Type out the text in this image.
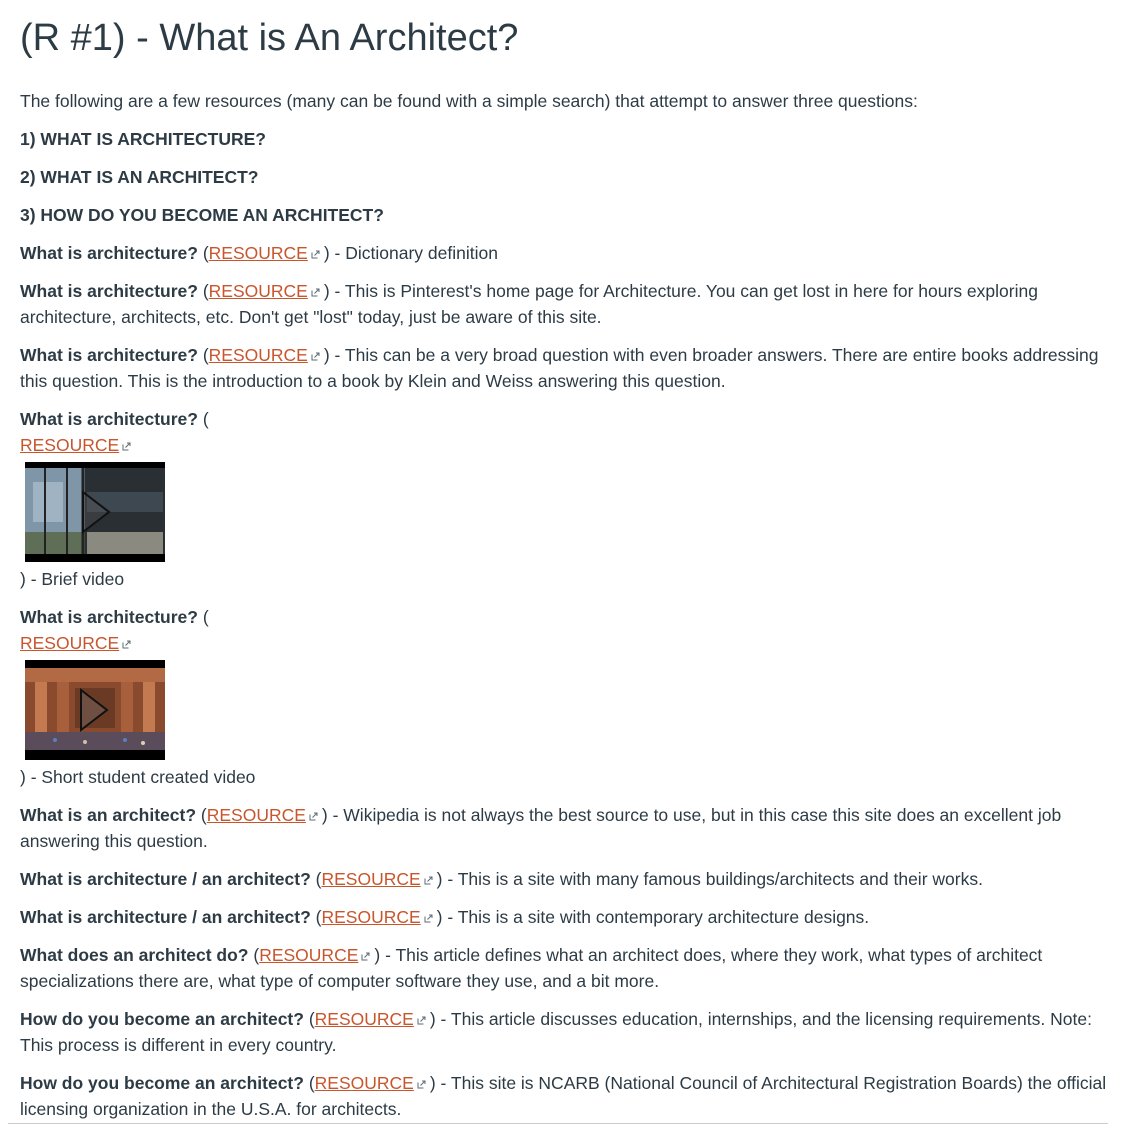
(R #1) - What is An Architect?

The following are a few resources (many can be found with a simple search) that attempt to answer three questions:

1) WHAT IS ARCHITECTURE?

2) WHAT IS AN ARCHITECT?

3) HOW DO YOU BECOME AN ARCHITECT?

What is architecture? (RESOURCE ) - Dictionary definition

What is architecture? (RESOURCE ) - This is Pinterest's home page for Architecture. You can get lost in here for hours exploring architecture, architects, etc. Don't get "lost" today, just be aware of this site.

What is architecture? (RESOURCE ) - This can be a very broad question with even broader answers. There are entire books addressing this question. This is the introduction to a book by Klein and Weiss answering this question.

What is architecture? (

RESOURCE

) - Brief video

What is architecture? (

RESOURCE

) - Short student created video

What is an architect? (RESOURCE ) - Wikipedia is not always the best source to use, but in this case this site does an excellent job answering this question.

What is architecture / an architect? (RESOURCE ) - This is a site with many famous buildings/architects and their works.

What is architecture / an architect? (RESOURCE ) - This is a site with contemporary architecture designs.

What does an architect do? (RESOURCE ) - This article defines what an architect does, where they work, what types of architect specializations there are, what type of computer software they use, and a bit more.

How do you become an architect? (RESOURCE ) - This article discusses education, internships, and the licensing requirements. Note: This process is different in every country.

How do you become an architect? (RESOURCE ) - This site is NCARB (National Council of Architectural Registration Boards) the official licensing organization in the U.S.A. for architects.
